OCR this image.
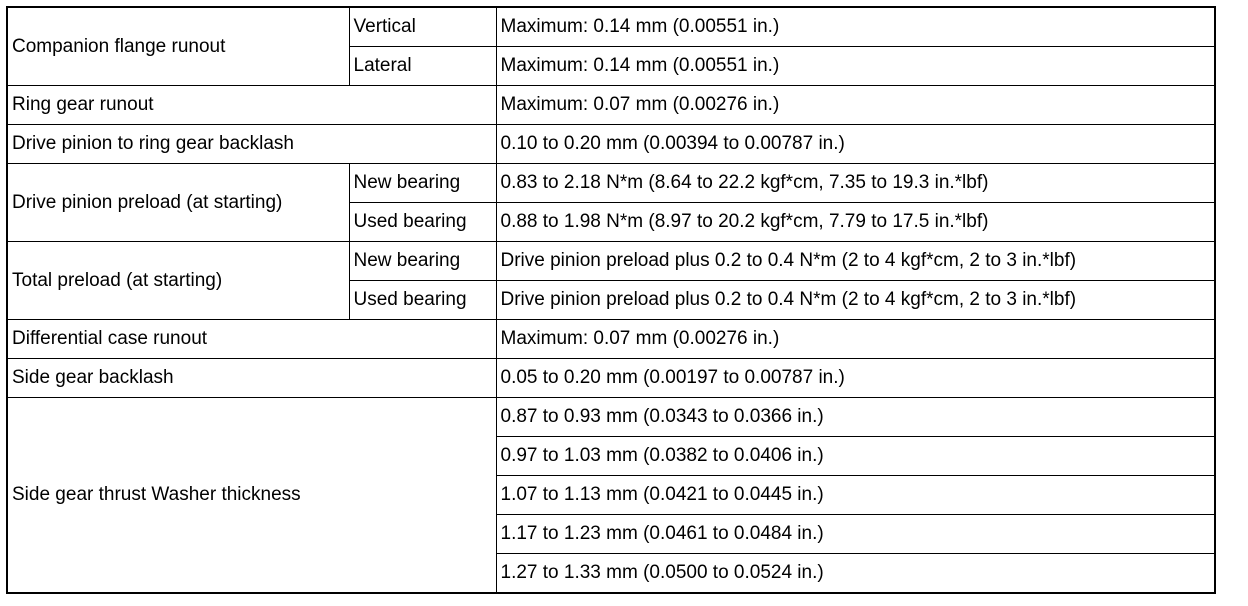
Companion flange runout	Vertical	Maximum: 0.14 mm (0.00551 in.)
	Lateral	Maximum: 0.14 mm (0.00551 in.)
Ring gear runout		Maximum: 0.07 mm (0.00276 in.)
Drive pinion to ring gear backlash		0.10 to 0.20 mm (0.00394 to 0.00787 in.)
Drive pinion preload (at starting)	New bearing	0.83 to 2.18 N*m (8.64 to 22.2 kgf*cm, 7.35 to 19.3 in.*lbf)
	Used bearing	0.88 to 1.98 N*m (8.97 to 20.2 kgf*cm, 7.79 to 17.5 in.*lbf)
Total preload (at starting)	New bearing	Drive pinion preload plus 0.2 to 0.4 N*m (2 to 4 kgf*cm, 2 to 3 in.*lbf)
	Used bearing	Drive pinion preload plus 0.2 to 0.4 N*m (2 to 4 kgf*cm, 2 to 3 in.*lbf)
Differential case runout		Maximum: 0.07 mm (0.00276 in.)
Side gear backlash		0.05 to 0.20 mm (0.00197 to 0.00787 in.)
Side gear thrust Washer thickness		0.87 to 0.93 mm (0.0343 to 0.0366 in.)
		0.97 to 1.03 mm (0.0382 to 0.0406 in.)
		1.07 to 1.13 mm (0.0421 to 0.0445 in.)
		1.17 to 1.23 mm (0.0461 to 0.0484 in.)
		1.27 to 1.33 mm (0.0500 to 0.0524 in.)
